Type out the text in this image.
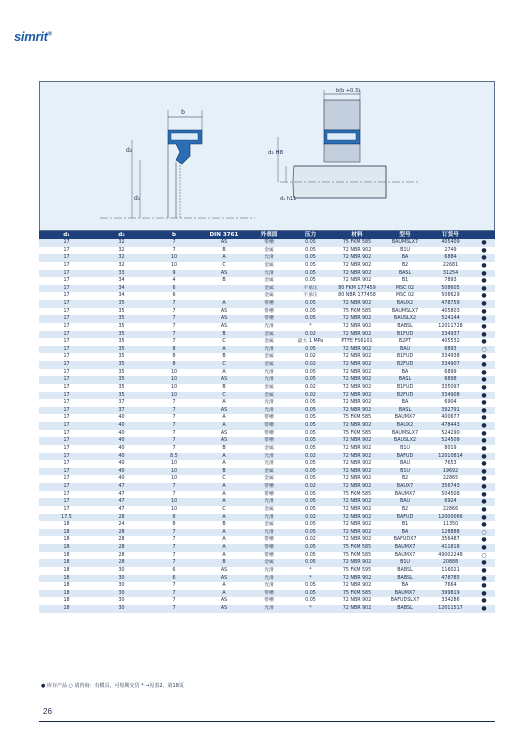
simrit®
b
d₂
d₁
b(b +0.3)
d₂ H8
d₁ h11
d₁	d₂	b	DIN 3761	外表面	压力	材料	型号	订货号	
17	32	7	AS	带槽	0.05	75 FKM 585	BAUMSLX7	405409	●
17	32	7	B	金属	0.05	72 NBR 902	B1U	2749	●
17	32	10	A	光滑	0.05	72 NBR 902	BA	6884	●
17	32	10	C	金属	0.05	72 NBR 902	B2	22681	●
17	33	9	AS	光滑	0.05	72 NBR 902	BASL	31254	●
17	34	4	B	金属	0.05	72 NBR 902	B1	7893	●
17	34	6		金属	不承压	80 FKM 177459	MSC 02	508605	●
17	34	6		金属	不承压	80 NBR 177458	MSC 02	508629	●
17	35	7	A	带槽	0.05	72 NBR 902	BAUX2	478759	●
17	35	7	AS	带槽	0.05	75 FKM 585	BAUMSLX7	405803	●
17	35	7	AS	带槽	0.05	72 NBR 902	BAUSLX2	524144	●
17	35	7	AS	光滑	*	72 NBR 902	BABSL	12011728	●
17	35	7	B	金属	0.02	72 NBR 902	B1FUD	334937	●
17	35	7	C	金属	最大 1 MPa	PTFE F56101	B2PT	405532	●
17	35	8	A	光滑	0.05	72 NBR 902	BAU	6893	○
17	35	8	B	金属	0.02	72 NBR 902	B1FUD	334938	●
17	35	8	C	金属	0.02	72 NBR 902	B2FUD	334907	●
17	35	10	A	光滑	0.05	72 NBR 902	BA	6899	●
17	35	10	AS	光滑	0.05	72 NBR 902	BASL	6898	●
17	35	10	B	金属	0.02	72 NBR 902	B1FUD	335097	●
17	35	10	C	金属	0.02	72 NBR 902	B2FUD	334908	●
17	37	7	A	光滑	0.05	72 NBR 902	BA	6904	●
17	37	7	AS	光滑	0.05	72 NBR 902	BASL	392791	●
17	40	7	A	带槽	0.05	75 FKM 585	BAUMX7	400677	●
17	40	7	A	带槽	0.05	72 NBR 902	BAUX2	478443	●
17	40	7	AS	带槽	0.05	75 FKM 585	BAUMSLX7	524290	●
17	40	7	AS	带槽	0.05	72 NBR 902	BAUSLX2	524509	●
17	40	7	B	金属	0.05	72 NBR 902	B1U	8019	●
17	40	8.5	A	光滑	0.02	72 NBR 902	BAFUD	12010814	●
17	40	10	A	光滑	0.05	72 NBR 902	BAU	7653	●
17	40	10	B	金属	0.05	72 NBR 902	B1U	19692	●
17	40	10	C	金属	0.05	72 NBR 902	B2	22865	●
17	47	7	A	带槽	0.02	72 NBR 902	BAUX7	356743	●
17	47	7	A	带槽	0.05	75 FKM 585	BAUMX7	504508	●
17	47	10	A	光滑	0.05	72 NBR 902	BAU	6924	●
17	47	10	C	金属	0.05	72 NBR 902	B2	22866	●
17.5	28	6	A	光滑	0.02	72 NBR 902	BAFUD	12000066	●
18	24	8	B	金属	0.05	72 NBR 902	B1	11350	●
18	28	7	A	光滑	0.05	72 NBR 902	BA	128888	○
18	28	7	A	带槽	0.02	72 NBR 902	BAFUDX7	356487	●
18	28	7	A	带槽	0.05	75 FKM 585	BAUMX7	411818	●
18	28	7	A	带槽	0.05	75 FKM 585	BAUMX7	49002248	○
18	28	7	B	金属	0.05	72 NBR 902	B1U	20888	●
18	30	6	AS	光滑	*	75 FKM 595	BABSL	116021	●
18	30	6	AS	光滑	*	72 NBR 902	BABSL	478785	●
18	30	7	A	光滑	0.05	72 NBR 902	BA	7664	●
18	30	7	A	带槽	0.05	75 FKM 585	BAUMX7	399819	●
18	30	7	AS	带槽	0.05	72 NBR 902	BAFUDSLX7	334286	●
18	30	7	AS	光滑	*	72 NBR 902	BABSL	12011517	●
● 库存产品 ○ 请咨询：有模具，可短期交货 * →见表2，第18页
26
